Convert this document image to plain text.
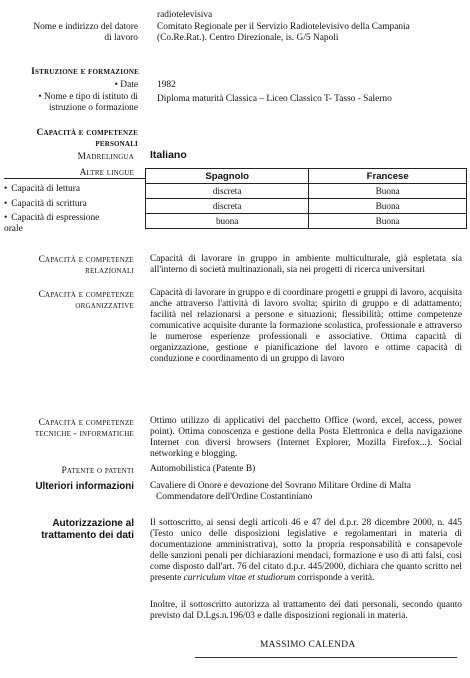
radiotelevisiva
Nome e indirizzo del datore
di lavoro
Comitato Regionale per il Servizio Radiotelevisivo della Campania
(Co.Re.Rat.). Centro Direzionale, is. G/5 Napoli
Istruzione e formazione
• Date 1982
• Nome e tipo di istituto di
istruzione o formazione
Diploma maturità Classica – Liceo Classico T- Tasso - Salerno
Capacità e competenze
personali
Madrelingua Italiano
Altre lingue	Spagnolo	Francese
discreta	Buona
discreta	Buona
buona	Buona
• Capacità di lettura
• Capacità di scrittura
• Capacità di espressione
orale
Capacità e competenze
relazionali
Capacità di lavorare in gruppo in ambiente multiculturale, già espletata sia all'interno di società multinazionali, sia nei progetti di ricerca universitari
Capacità e competenze
organizzative
Capacità di lavorare in gruppo e di coordinare progetti e gruppi di lavoro, acquisita anche attraverso l'attività di lavoro svolta; spirito di gruppo e di adattamento; facilità nel relazionarsi a persone e situazioni; flessibilità; ottime competenze comunicative acquisite durante la formazione scolastica, professionale e attraverso le numerose esperienze professionali e associative. Ottima capacità di organizzazione, gestione e pianificazione del lavoro e ottime capacità di conduzione e coordinamento di un gruppo di lavoro
Capacità e competenze
tecniche - informatiche
Ottimo utilizzo di applicativi del pacchetto Office (word, excel, access, power point). Ottima conoscenza e gestione della Posta Elettronica e della navigazione Internet con diversi browsers (Internet Explorer, Mozilla Firefox...). Social networking e blogging.
Patente o patenti Automobilistica (Patente B)
Ulteriori informazioni Cavaliere di Onore e devozione del Sovrano Militare Ordine di Malta
Commendatore dell'Ordine Costantiniano
Autorizzazione al
trattamento dei dati
Il sottoscritto, ai sensi degli articoli 46 e 47 del d.p.r. 28 dicembre 2000, n. 445 (Testo unico delle disposizioni legislative e regolamentari in materia di documentazione amministrativa), sotto la propria responsabilità e consapevole delle sanzioni penali per dichiarazioni mendaci, formazione e uso di atti falsi, così come disposto dall'art. 76 del citato d.p.r. 445/2000, dichiara che quanto scritto nel presente curriculum vitae et studiorum corrisponde a verità.
Inoltre, il sottoscritto autorizza al trattamento dei dati personali, secondo quanto previsto dal D.Lgs.n.196/03 e dalle disposizioni regionali in materia.
MASSIMO CALENDA
